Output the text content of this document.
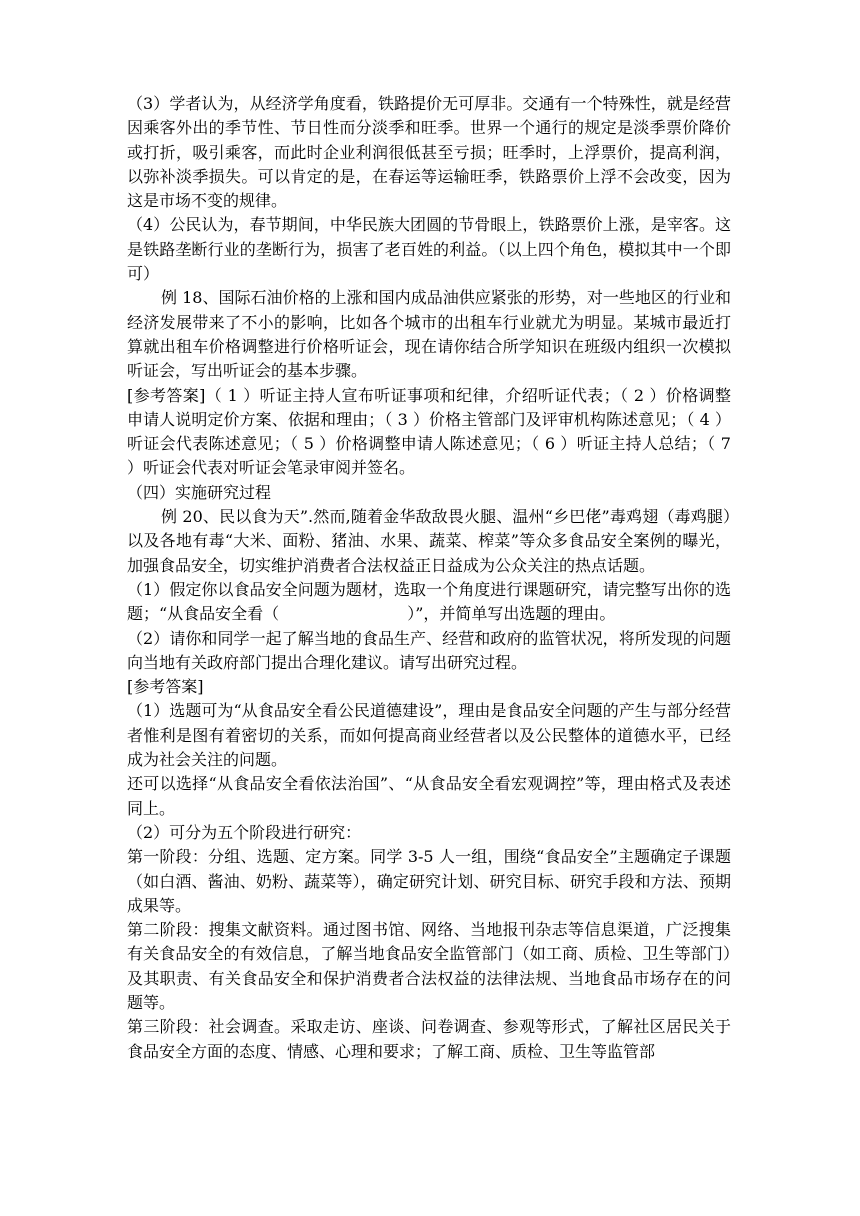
（3）学者认为，从经济学角度看，铁路提价无可厚非。交通有一个特殊性，就是经营因乘客外出的季节性、节日性而分淡季和旺季。世界一个通行的规定是淡季票价降价或打折，吸引乘客，而此时企业利润很低甚至亏损；旺季时，上浮票价，提高利润，以弥补淡季损失。可以肯定的是，在春运等运输旺季，铁路票价上浮不会改变，因为这是市场不变的规律。

（4）公民认为，春节期间，中华民族大团圆的节骨眼上，铁路票价上涨，是宰客。这是铁路垄断行业的垄断行为，损害了老百姓的利益。（以上四个角色，模拟其中一个即可）

例 18、国际石油价格的上涨和国内成品油供应紧张的形势，对一些地区的行业和经济发展带来了不小的影响，比如各个城市的出租车行业就尤为明显。某城市最近打算就出租车价格调整进行价格听证会，现在请你结合所学知识在班级内组织一次模拟听证会，写出听证会的基本步骤。

[参考答案]（ 1 ）听证主持人宣布听证事项和纪律，介绍听证代表；（ 2 ）价格调整申请人说明定价方案、依据和理由；（ 3 ）价格主管部门及评审机构陈述意见；（ 4 ）听证会代表陈述意见；（ 5 ）价格调整申请人陈述意见；（ 6 ）听证主持人总结；（ 7 ）听证会代表对听证会笔录审阅并签名。

（四）实施研究过程

例 20、民以食为天”.然而,随着金华敌敌畏火腿、温州“乡巴佬”毒鸡翅（毒鸡腿）以及各地有毒“大米、面粉、猪油、水果、蔬菜、榨菜”等众多食品安全案例的曝光，加强食品安全，切实维护消费者合法权益正日益成为公众关注的热点话题。

（1）假定你以食品安全问题为题材，选取一个角度进行课题研究，请完整写出你的选题；“从食品安全看（	）”，并简单写出选题的理由。

（2）请你和同学一起了解当地的食品生产、经营和政府的监管状况，将所发现的问题向当地有关政府部门提出合理化建议。请写出研究过程。

[参考答案]

（1）选题可为“从食品安全看公民道德建设”，理由是食品安全问题的产生与部分经营者惟利是图有着密切的关系，而如何提高商业经营者以及公民整体的道德水平，已经成为社会关注的问题。

还可以选择“从食品安全看依法治国”、“从食品安全看宏观调控”等，理由格式及表述同上。

（2）可分为五个阶段进行研究：

第一阶段：分组、选题、定方案。同学 3-5 人一组，围绕“食品安全”主题确定子课题（如白酒、酱油、奶粉、蔬菜等），确定研究计划、研究目标、研究手段和方法、预期成果等。

第二阶段：搜集文献资料。通过图书馆、网络、当地报刊杂志等信息渠道，广泛搜集有关食品安全的有效信息，了解当地食品安全监管部门（如工商、质检、卫生等部门）及其职责、有关食品安全和保护消费者合法权益的法律法规、当地食品市场存在的问题等。

第三阶段：社会调查。采取走访、座谈、问卷调查、参观等形式，了解社区居民关于食品安全方面的态度、情感、心理和要求；了解工商、质检、卫生等监管部
